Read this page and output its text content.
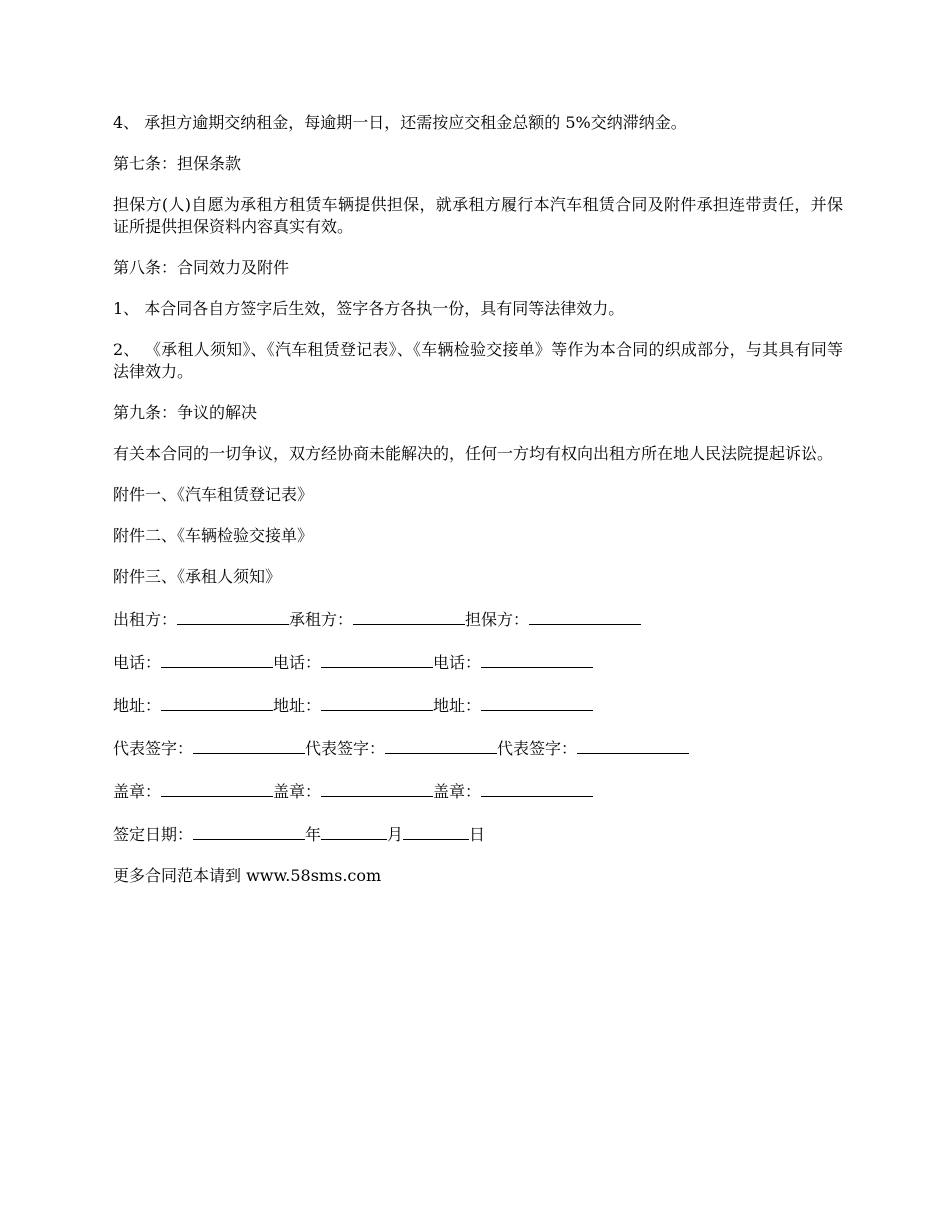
4、 承担方逾期交纳租金，每逾期一日，还需按应交租金总额的 5%交纳滞纳金。

第七条：担保条款

担保方(人)自愿为承租方租赁车辆提供担保，就承租方履行本汽车租赁合同及附件承担连带责任，并保证所提供担保资料内容真实有效。

第八条：合同效力及附件

1、 本合同各自方签字后生效，签字各方各执一份，具有同等法律效力。

2、 《承租人须知》、《汽车租赁登记表》、《车辆检验交接单》等作为本合同的织成部分，与其具有同等法律效力。

第九条：争议的解决

有关本合同的一切争议，双方经协商未能解决的，任何一方均有权向出租方所在地人民法院提起诉讼。

附件一、《汽车租赁登记表》

附件二、《车辆检验交接单》

附件三、《承租人须知》

出租方：	承租方：	担保方：
电话：	电话：	电话：
地址：	地址：	地址：
代表签字：	代表签字：	代表签字：
盖章：	盖章：	盖章：
签定日期：	年	月	日

更多合同范本请到 www.58sms.com
